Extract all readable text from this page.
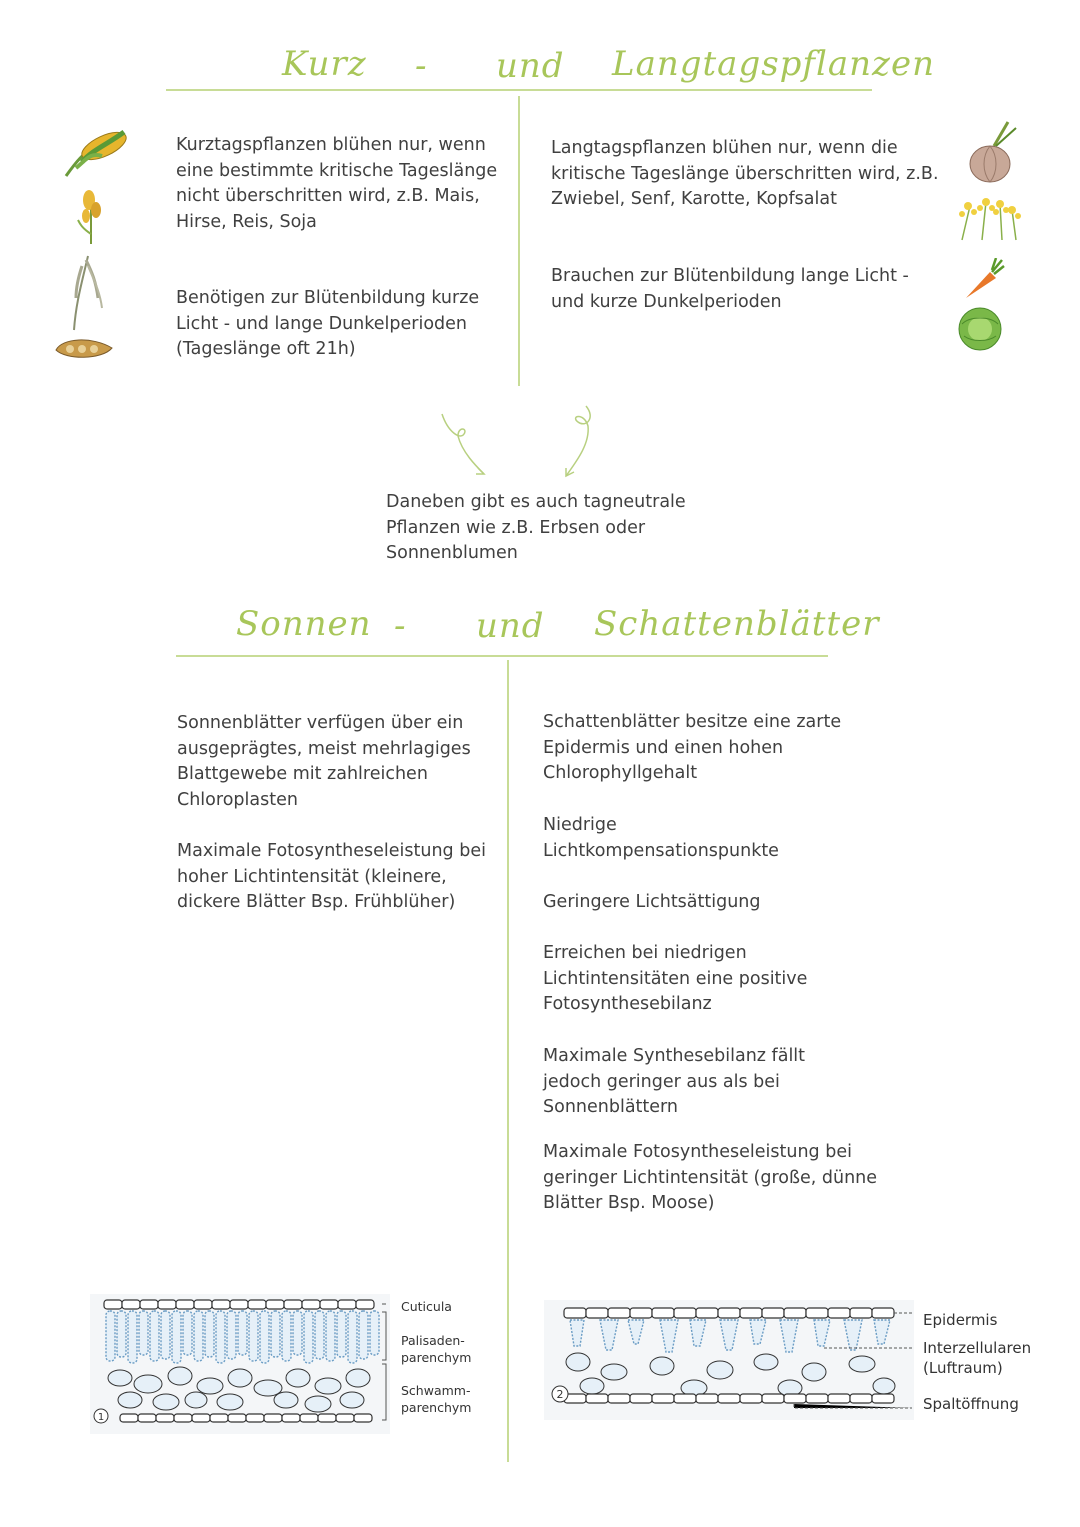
Kurz - und Langtagspflanzen
Kurztagspflanzen blühen nur, wenn
eine bestimmte kritische Tageslänge
nicht überschritten wird, z.B. Mais,
Hirse, Reis, Soja
Benötigen zur Blütenbildung kurze
Licht - und lange Dunkelperioden
(Tageslänge oft 21h)
Langtagspflanzen blühen nur, wenn die
kritische Tageslänge überschritten wird, z.B.
Zwiebel, Senf, Karotte, Kopfsalat
Brauchen zur Blütenbildung lange Licht -
und kurze Dunkelperioden
Daneben gibt es auch tagneutrale
Pflanzen wie z.B. Erbsen oder
Sonnenblumen
Sonnen - und Schattenblätter
Sonnenblätter verfügen über ein
ausgeprägtes, meist mehrlagiges
Blattgewebe mit zahlreichen
Chloroplasten
Maximale Fotosyntheseleistung bei
hoher Lichtintensität (kleinere,
dickere Blätter Bsp. Frühblüher)
Schattenblätter besitze eine zarte
Epidermis und einen hohen
Chlorophyllgehalt
Niedrige
Lichtkompensationspunkte
Geringere Lichtsättigung
Erreichen bei niedrigen
Lichtintensitäten eine positive
Fotosynthesebilanz
Maximale Synthesebilanz fällt
jedoch geringer aus als bei
Sonnenblättern
Maximale Fotosyntheseleistung bei
geringer Lichtintensität (große, dünne
Blätter Bsp. Moose)
1
Cuticula
Palisaden-
parenchym
Schwamm-
parenchym
2
Epidermis
Interzellularen
(Luftraum)
Spaltöffnung
